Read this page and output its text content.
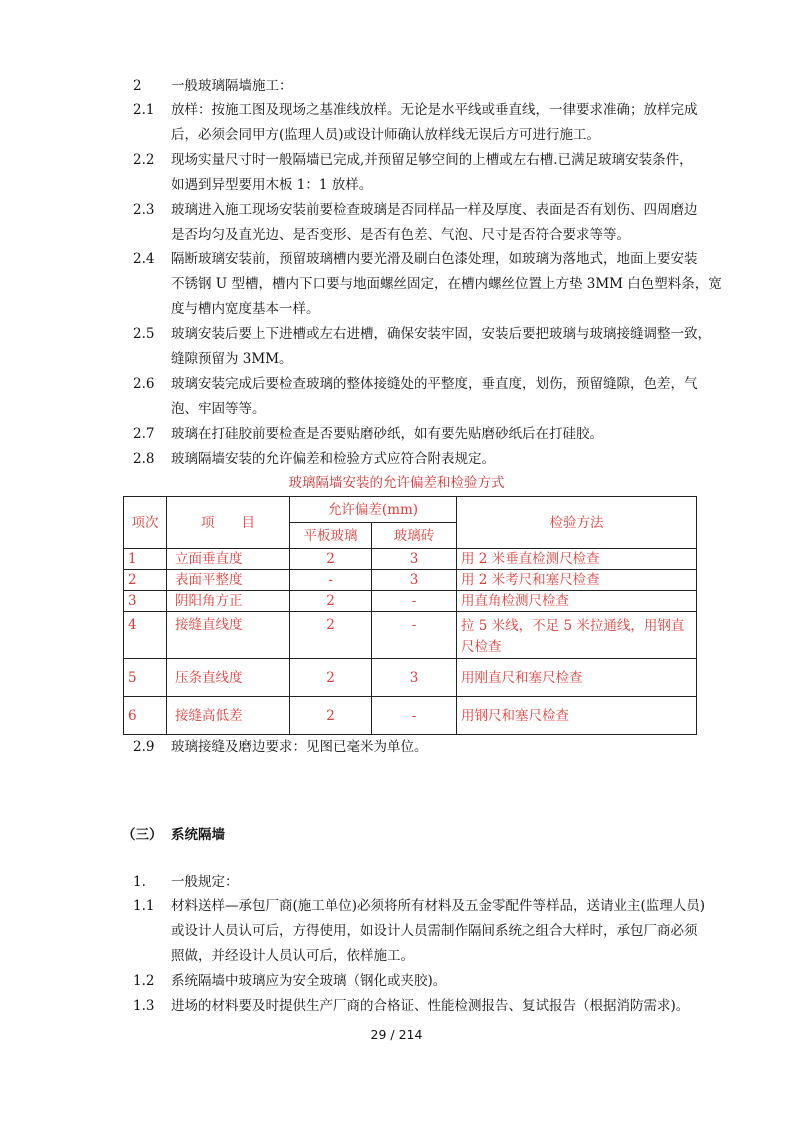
2 一般玻璃隔墙施工：
2.1 放样：按施工图及现场之基准线放样。无论是水平线或垂直线，一律要求准确；放样完成
后，必须会同甲方(监理人员)或设计师确认放样线无误后方可进行施工。
2.2 现场实量尺寸时一般隔墙已完成,并预留足够空间的上槽或左右槽.已满足玻璃安装条件，
如遇到异型要用木板 1：1 放样。
2.3 玻璃进入施工现场安装前要检查玻璃是否同样品一样及厚度、表面是否有划伤、四周磨边
是否均匀及直光边、是否变形、是否有色差、气泡、尺寸是否符合要求等等。
2.4 隔断玻璃安装前，预留玻璃槽内要光滑及刷白色漆处理，如玻璃为落地式，地面上要安装
不锈钢 U 型槽，槽内下口要与地面螺丝固定，在槽内螺丝位置上方垫 3MM 白色塑料条，宽
度与槽内宽度基本一样。
2.5 玻璃安装后要上下进槽或左右进槽，确保安装牢固，安装后要把玻璃与玻璃接缝调整一致，
缝隙预留为 3MM。
2.6 玻璃安装完成后要检查玻璃的整体接缝处的平整度，垂直度，划伤，预留缝隙，色差，气
泡、牢固等等。
2.7 玻璃在打硅胶前要检查是否要贴磨砂纸，如有要先贴磨砂纸后在打硅胶。
2.8 玻璃隔墙安装的允许偏差和检验方式应符合附表规定。
玻璃隔墙安装的允许偏差和检验方式
项次	项　　目	允许偏差(mm)		检验方法
		平板玻璃	玻璃砖	
1	立面垂直度	2	3	用 2 米垂直检测尺检查
2	表面平整度	-	3	用 2 米考尺和塞尺检查
3	阴阳角方正	2	-	用直角检测尺检查
4	接缝直线度	2	-	拉 5 米线，不足 5 米拉通线，用钢直尺检查
5	压条直线度	2	3	用刚直尺和塞尺检查
6	接缝高低差	2	-	用钢尺和塞尺检查
2.9 玻璃接缝及磨边要求：见图已毫米为单位。
（三） 系统隔墙
1. 一般规定：
1.1 材料送样—承包厂商(施工单位)必须将所有材料及五金零配件等样品，送请业主(监理人员)
或设计人员认可后，方得使用，如设计人员需制作隔间系统之组合大样时，承包厂商必须
照做，并经设计人员认可后，依样施工。
1.2 系统隔墙中玻璃应为安全玻璃（钢化或夹胶)。
1.3 进场的材料要及时提供生产厂商的合格证、性能检测报告、复试报告（根据消防需求)。
29 / 214
